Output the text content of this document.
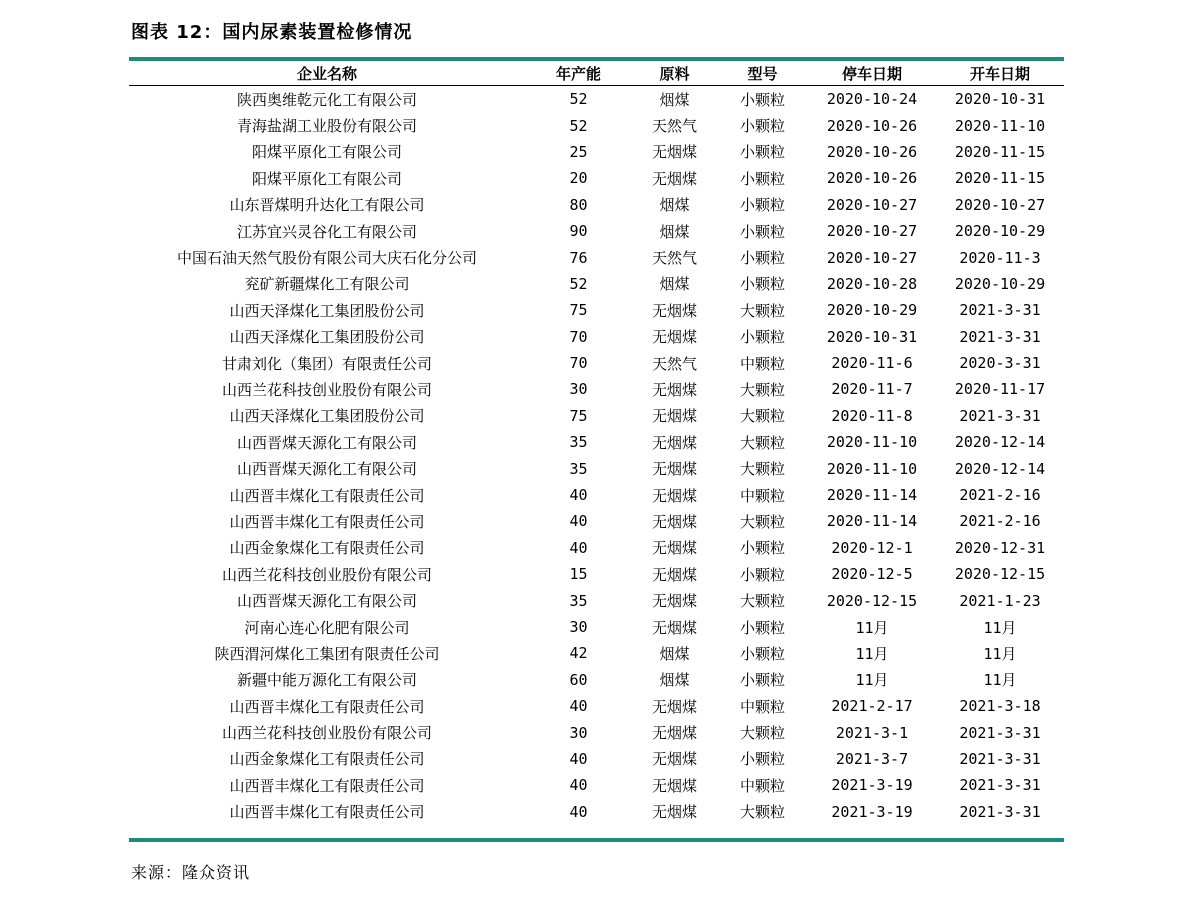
图表 12：国内尿素装置检修情况
企业名称	年产能	原料	型号	停车日期	开车日期
陕西奥维乾元化工有限公司	52	烟煤	小颗粒	2020-10-24	2020-10-31
青海盐湖工业股份有限公司	52	天然气	小颗粒	2020-10-26	2020-11-10
阳煤平原化工有限公司	25	无烟煤	小颗粒	2020-10-26	2020-11-15
阳煤平原化工有限公司	20	无烟煤	小颗粒	2020-10-26	2020-11-15
山东晋煤明升达化工有限公司	80	烟煤	小颗粒	2020-10-27	2020-10-27
江苏宜兴灵谷化工有限公司	90	烟煤	小颗粒	2020-10-27	2020-10-29
中国石油天然气股份有限公司大庆石化分公司	76	天然气	小颗粒	2020-10-27	2020-11-3
兖矿新疆煤化工有限公司	52	烟煤	小颗粒	2020-10-28	2020-10-29
山西天泽煤化工集团股份公司	75	无烟煤	大颗粒	2020-10-29	2021-3-31
山西天泽煤化工集团股份公司	70	无烟煤	小颗粒	2020-10-31	2021-3-31
甘肃刘化（集团）有限责任公司	70	天然气	中颗粒	2020-11-6	2020-3-31
山西兰花科技创业股份有限公司	30	无烟煤	大颗粒	2020-11-7	2020-11-17
山西天泽煤化工集团股份公司	75	无烟煤	大颗粒	2020-11-8	2021-3-31
山西晋煤天源化工有限公司	35	无烟煤	大颗粒	2020-11-10	2020-12-14
山西晋煤天源化工有限公司	35	无烟煤	大颗粒	2020-11-10	2020-12-14
山西晋丰煤化工有限责任公司	40	无烟煤	中颗粒	2020-11-14	2021-2-16
山西晋丰煤化工有限责任公司	40	无烟煤	大颗粒	2020-11-14	2021-2-16
山西金象煤化工有限责任公司	40	无烟煤	小颗粒	2020-12-1	2020-12-31
山西兰花科技创业股份有限公司	15	无烟煤	小颗粒	2020-12-5	2020-12-15
山西晋煤天源化工有限公司	35	无烟煤	大颗粒	2020-12-15	2021-1-23
河南心连心化肥有限公司	30	无烟煤	小颗粒	11月	11月
陕西渭河煤化工集团有限责任公司	42	烟煤	小颗粒	11月	11月
新疆中能万源化工有限公司	60	烟煤	小颗粒	11月	11月
山西晋丰煤化工有限责任公司	40	无烟煤	中颗粒	2021-2-17	2021-3-18
山西兰花科技创业股份有限公司	30	无烟煤	大颗粒	2021-3-1	2021-3-31
山西金象煤化工有限责任公司	40	无烟煤	小颗粒	2021-3-7	2021-3-31
山西晋丰煤化工有限责任公司	40	无烟煤	中颗粒	2021-3-19	2021-3-31
山西晋丰煤化工有限责任公司	40	无烟煤	大颗粒	2021-3-19	2021-3-31
来源：隆众资讯
